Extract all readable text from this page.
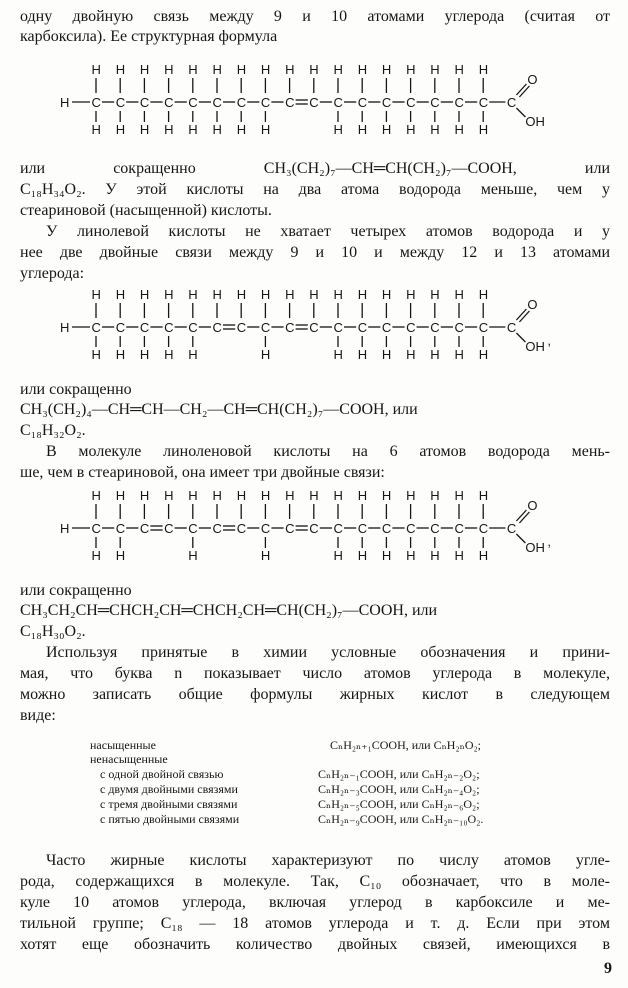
одну двойную связь между 9 и 10 атомами углерода (считая от
карбоксила). Ее структурная формула
H C
H
H
C
H
H
C
H
H
C
H
H
C
H
H
C
H
H
C
H
H
C
H
H
C
H
C
H
C
H
H
C
H
H
C
H
H
C
H
H
C
H
H
C
H
H
C
H
H
C
O
OH
или сокращенно CH₃(CH₂)₇—CH═CH(CH₂)₇—COOH, или
C₁₈H₃₄O₂. У этой кислоты на два атома водорода меньше, чем у
стеариновой (насыщенной) кислоты.
У линолевой кислоты не хватает четырех атомов водорода и у
нее две двойные связи между 9 и 10 и между 12 и 13 атомами
углерода:
H C
H
H
C
H
H
C
H
H
C
H
H
C
H
H
C
H
C
H
C
H
H
C
H
C
H
C
H
H
C
H
H
C
H
H
C
H
H
C
H
H
C
H
H
C
H
H
C
O
OH ,
или сокращенно
CH₃(CH₂)₄—CH═CH—CH₂—CH═CH(CH₂)₇—COOH, или
C₁₈H₃₂O₂.
В молекуле линоленовой кислоты на 6 атомов водорода мень-
ше, чем в стеариновой, она имеет три двойные связи:
H C
H
H
C
H
H
C
H
C
H
C
H
H
C
H
C
H
C
H
H
C
H
C
H
C
H
H
C
H
H
C
H
H
C
H
H
C
H
H
C
H
H
C
H
H
C
O
OH ,
или сокращенно
CH₃CH₂CH═CHCH₂CH═CHCH₂CH═CH(CH₂)₇—COOH, или
C₁₈H₃₀O₂.
Используя принятые в химии условные обозначения и прини-
мая, что буква n показывает число атомов углерода в молекуле,
можно записать общие формулы жирных кислот в следующем
виде:
насыщенные	CₙH₂ₙ₊₁COOH, или CₙH₂ₙO₂;
ненасыщенные
с одной двойной связью	CₙH₂ₙ₋₁COOH, или CₙH₂ₙ₋₂O₂;
с двумя двойными связями	CₙH₂ₙ₋₃COOH, или CₙH₂ₙ₋₄O₂;
с тремя двойными связями	CₙH₂ₙ₋₅COOH, или CₙH₂ₙ₋₆O₂;
с пятью двойными связями	CₙH₂ₙ₋₉COOH, или CₙH₂ₙ₋₁₀O₂.
Часто жирные кислоты характеризуют по числу атомов угле-
рода, содержащихся в молекуле. Так, C₁₀ обозначает, что в моле-
куле 10 атомов углерода, включая углерод в карбоксиле и ме-
тильной группе; C₁₈ — 18 атомов углерода и т. д. Если при этом
хотят еще обозначить количество двойных связей, имеющихся в
9
